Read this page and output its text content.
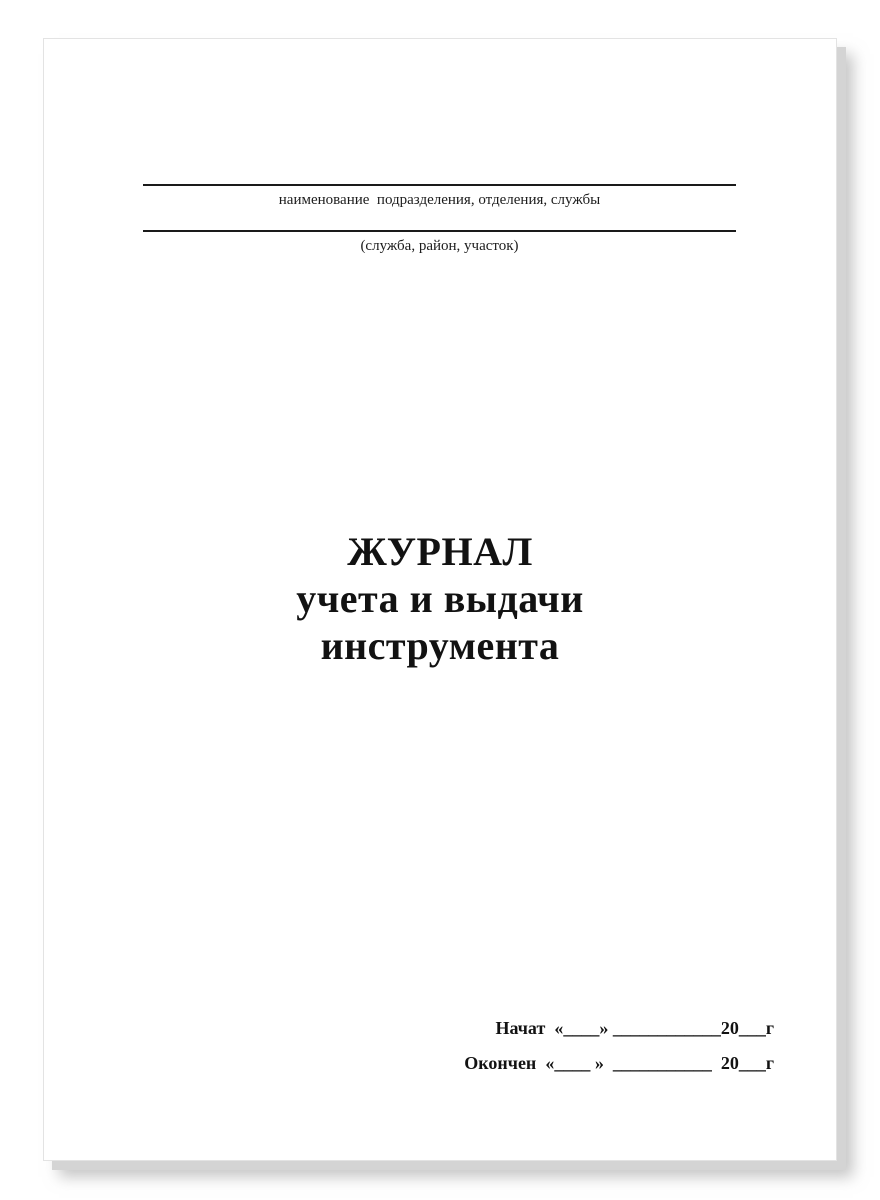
наименование  подразделения, отделения, службы
(служба, район, участок)
ЖУРНАЛ
учета и выдачи
инструмента
Начат «____» ____________20___г
Окончен «____ »  ___________  20___г
